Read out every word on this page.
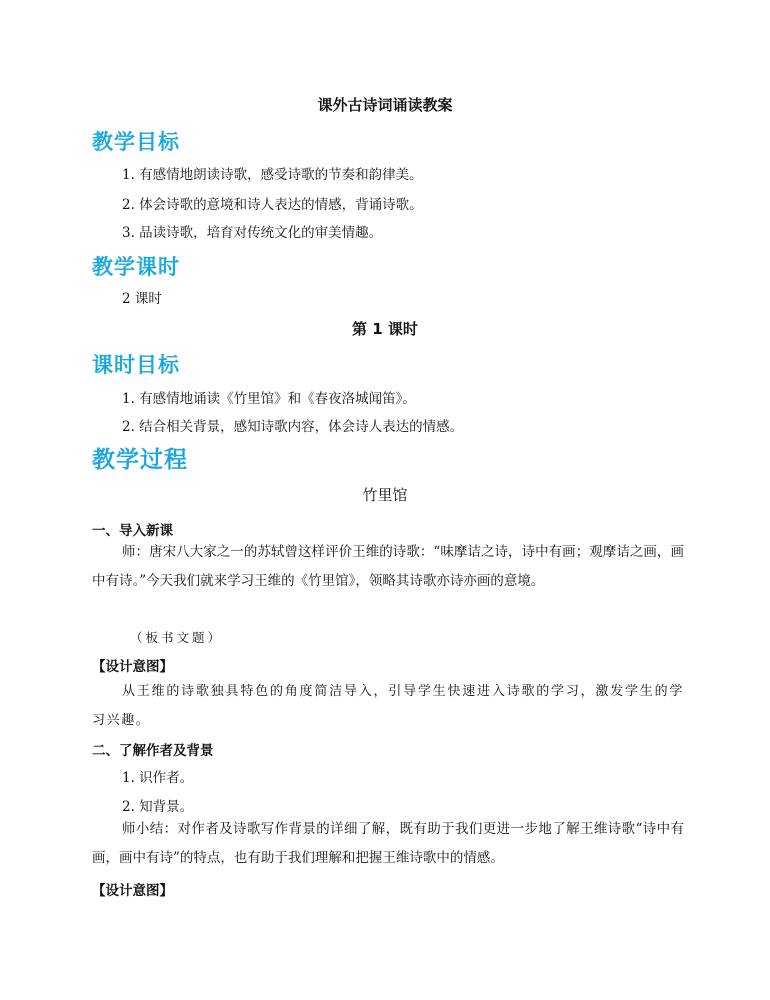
课外古诗词诵读教案
教学目标
1. 有感情地朗读诗歌，感受诗歌的节奏和韵律美。
2. 体会诗歌的意境和诗人表达的情感，背诵诗歌。
3. 品读诗歌，培育对传统文化的审美情趣。
教学课时
2 课时
第 1 课时
课时目标
1. 有感情地诵读《竹里馆》和《春夜洛城闻笛》。
2. 结合相关背景，感知诗歌内容，体会诗人表达的情感。
教学过程
竹里馆
一、导入新课
师：唐宋八大家之一的苏轼曾这样评价王维的诗歌：“味摩诘之诗，诗中有画；观摩诘之画，画中有诗。”今天我们就来学习王维的《竹里馆》，领略其诗歌亦诗亦画的意境。
（板书文题）
【设计意图】
从王维的诗歌独具特色的角度简洁导入，引导学生快速进入诗歌的学习，激发学生的学习兴趣。
二、了解作者及背景
1. 识作者。
2. 知背景。
师小结：对作者及诗歌写作背景的详细了解，既有助于我们更进一步地了解王维诗歌“诗中有画，画中有诗”的特点，也有助于我们理解和把握王维诗歌中的情感。
【设计意图】
